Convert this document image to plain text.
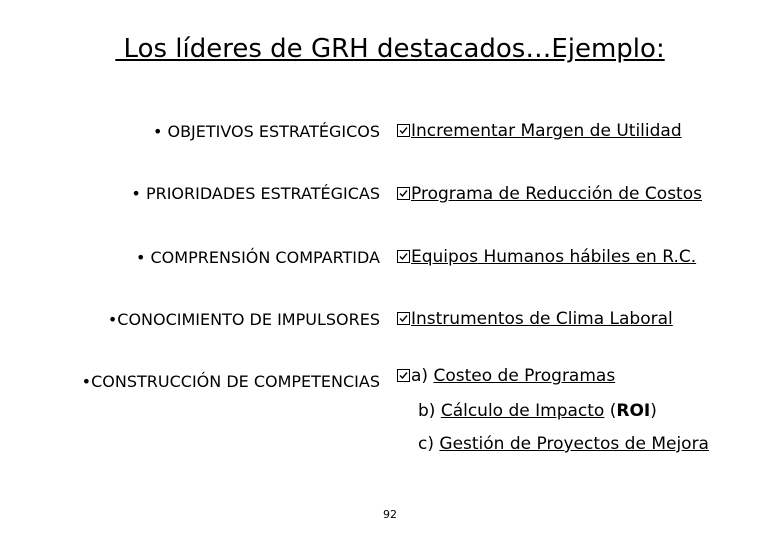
Los líderes de GRH destacados…Ejemplo:
• OBJETIVOS ESTRATÉGICOS	Incrementar Margen de Utilidad
• PRIORIDADES ESTRATÉGICAS	Programa de Reducción de Costos
• COMPRENSIÓN COMPARTIDA	Equipos Humanos hábiles en R.C.
•CONOCIMIENTO DE IMPULSORES	Instrumentos de Clima Laboral
•CONSTRUCCIÓN DE COMPETENCIAS	a) Costeo de Programas
b) Cálculo de Impacto (ROI)
c) Gestión de Proyectos de Mejora
92
